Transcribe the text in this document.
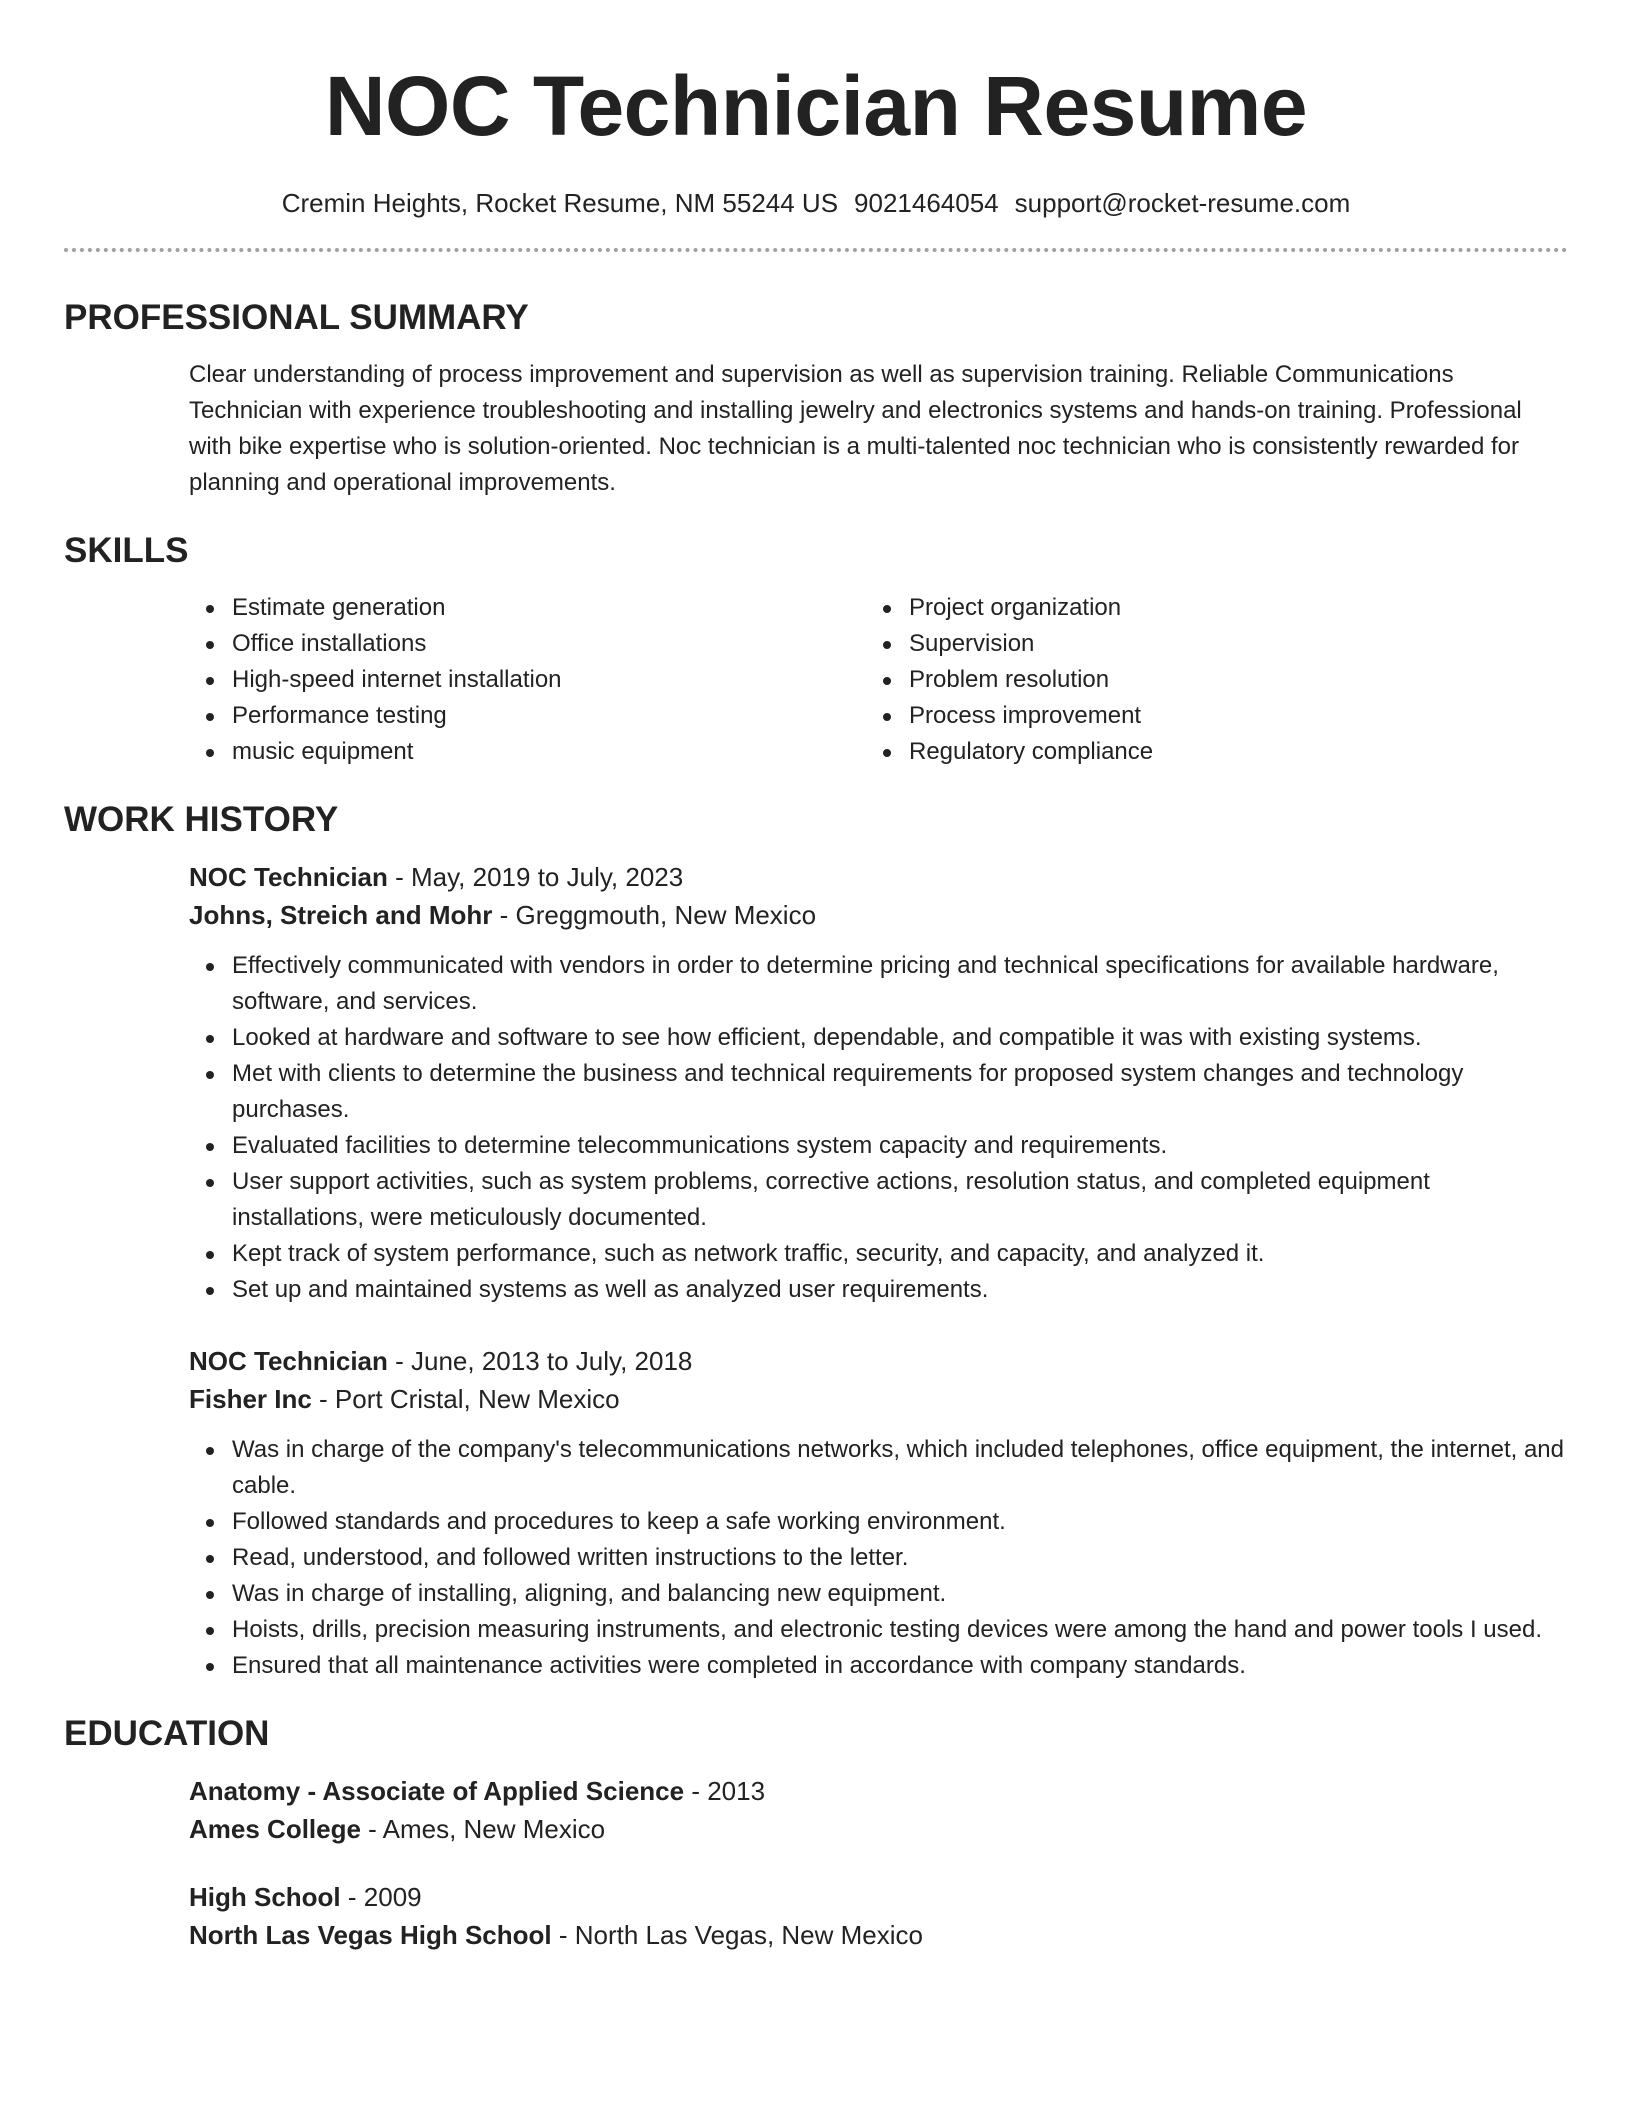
NOC Technician Resume
Cremin Heights, Rocket Resume, NM 55244 US 9021464054 support@rocket-resume.com
PROFESSIONAL SUMMARY
Clear understanding of process improvement and supervision as well as supervision training. Reliable Communications Technician with experience troubleshooting and installing jewelry and electronics systems and hands-on training. Professional with bike expertise who is solution-oriented. Noc technician is a multi-talented noc technician who is consistently rewarded for planning and operational improvements.
SKILLS
Estimate generation
Office installations
High-speed internet installation
Performance testing
music equipment
Project organization
Supervision
Problem resolution
Process improvement
Regulatory compliance
WORK HISTORY
NOC Technician - May, 2019 to July, 2023
Johns, Streich and Mohr - Greggmouth, New Mexico
Effectively communicated with vendors in order to determine pricing and technical specifications for available hardware, software, and services.
Looked at hardware and software to see how efficient, dependable, and compatible it was with existing systems.
Met with clients to determine the business and technical requirements for proposed system changes and technology purchases.
Evaluated facilities to determine telecommunications system capacity and requirements.
User support activities, such as system problems, corrective actions, resolution status, and completed equipment installations, were meticulously documented.
Kept track of system performance, such as network traffic, security, and capacity, and analyzed it.
Set up and maintained systems as well as analyzed user requirements.
NOC Technician - June, 2013 to July, 2018
Fisher Inc - Port Cristal, New Mexico
Was in charge of the company's telecommunications networks, which included telephones, office equipment, the internet, and cable.
Followed standards and procedures to keep a safe working environment.
Read, understood, and followed written instructions to the letter.
Was in charge of installing, aligning, and balancing new equipment.
Hoists, drills, precision measuring instruments, and electronic testing devices were among the hand and power tools I used.
Ensured that all maintenance activities were completed in accordance with company standards.
EDUCATION
Anatomy - Associate of Applied Science - 2013
Ames College - Ames, New Mexico
High School - 2009
North Las Vegas High School - North Las Vegas, New Mexico
